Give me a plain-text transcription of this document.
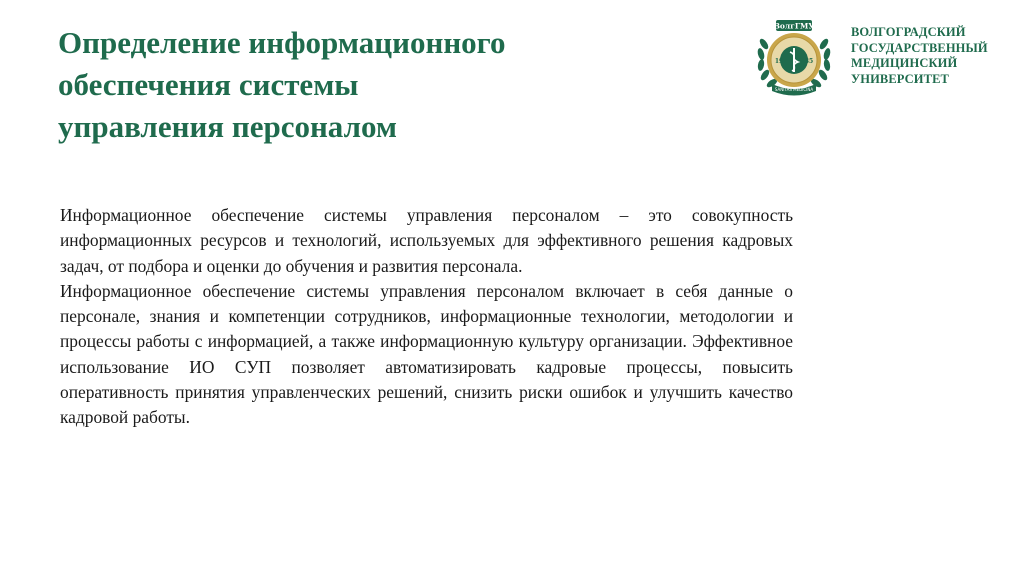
Определение информационного
обеспечения системы
управления персоналом
ВолгГМУ
19	35
SANITAS MEDICINA
ВОЛГОГРАДСКИЙ
ГОСУДАРСТВЕННЫЙ
МЕДИЦИНСКИЙ
УНИВЕРСИТЕТ

Информационное обеспечение системы управления персоналом – это совокупность информационных ресурсов и технологий, используемых для эффективного решения кадровых задач, от подбора и оценки до обучения и развития персонала.

Информационное обеспечение системы управления персоналом включает в себя данные о персонале, знания и компетенции сотрудников, информационные технологии, методологии и процессы работы с информацией, а также информационную культуру организации. Эффективное использование ИО СУП позволяет автоматизировать кадровые процессы, повысить оперативность принятия управленческих решений, снизить риски ошибок и улучшить качество кадровой работы.
